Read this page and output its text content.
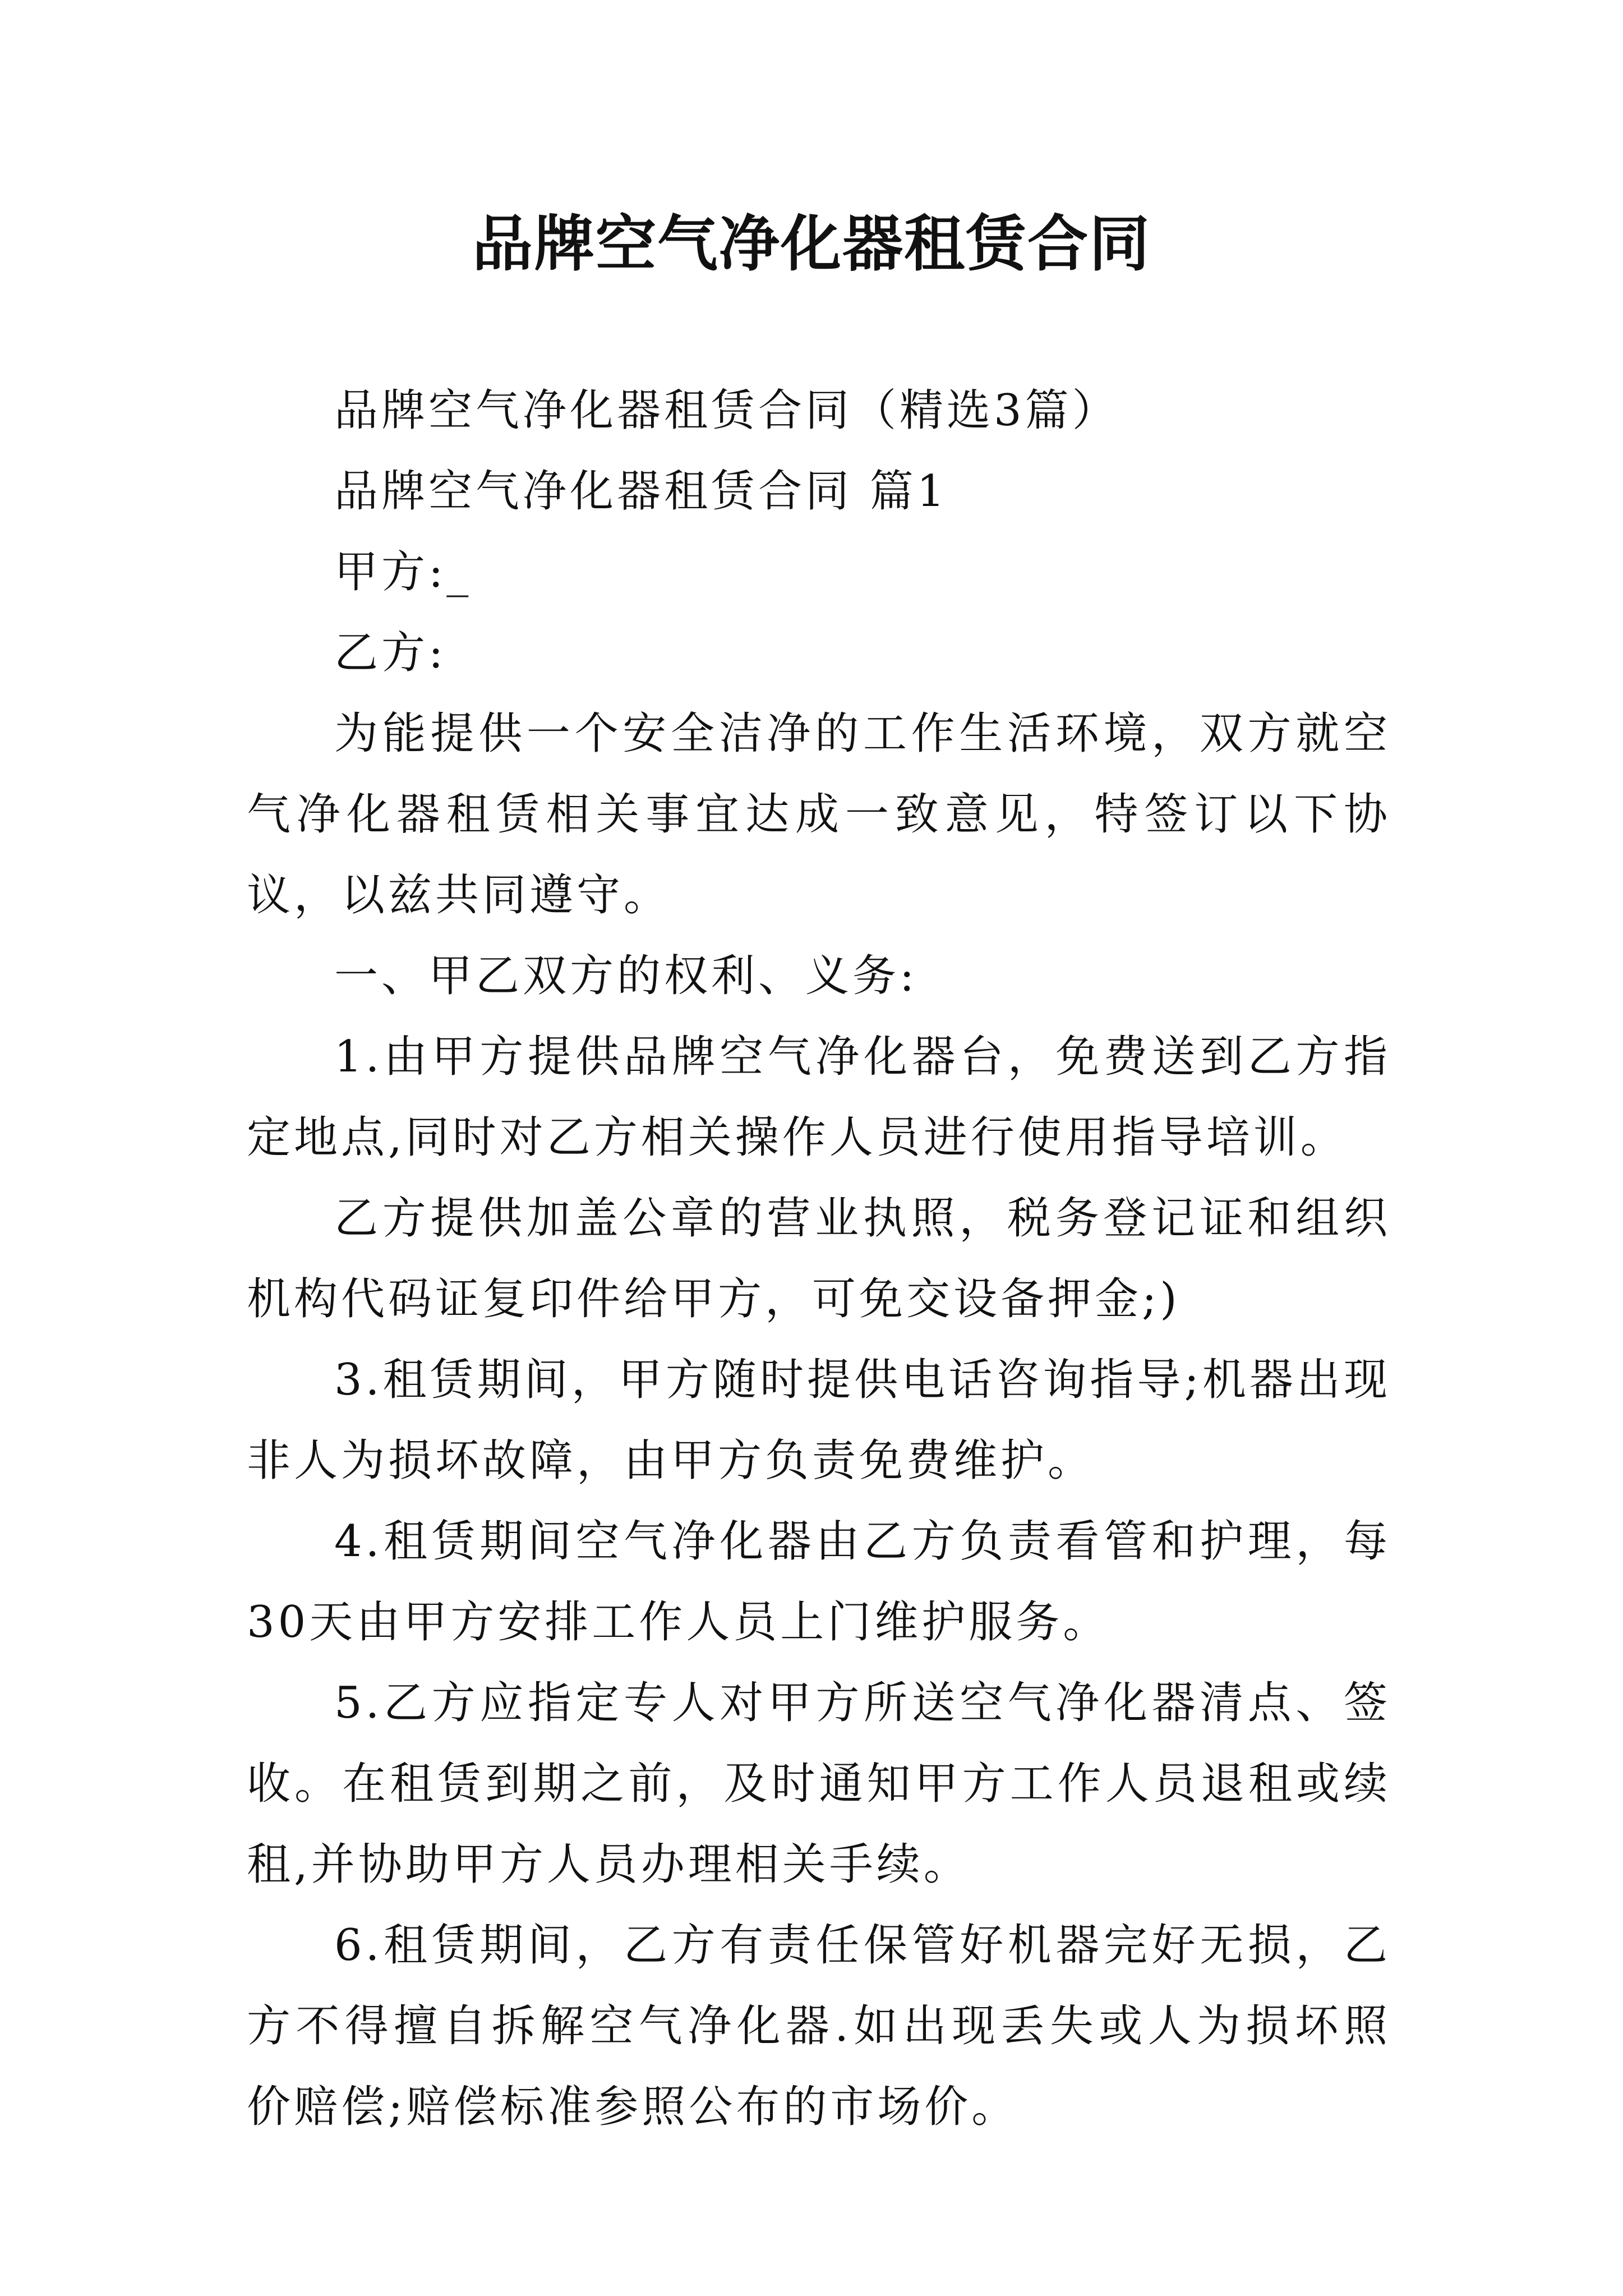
品牌空气净化器租赁合同

品牌空气净化器租赁合同（精选3篇）

品牌空气净化器租赁合同 篇1

甲方:_

乙方:

为能提供一个安全洁净的工作生活环境，双方就空气净化器租赁相关事宜达成一致意见，特签订以下协议，以兹共同遵守。

一、甲乙双方的权利、义务:

1.由甲方提供品牌空气净化器台，免费送到乙方指定地点,同时对乙方相关操作人员进行使用指导培训。

乙方提供加盖公章的营业执照，税务登记证和组织机构代码证复印件给甲方，可免交设备押金;)

3.租赁期间，甲方随时提供电话咨询指导;机器出现非人为损坏故障，由甲方负责免费维护。

4.租赁期间空气净化器由乙方负责看管和护理，每30天由甲方安排工作人员上门维护服务。

5.乙方应指定专人对甲方所送空气净化器清点、签收。在租赁到期之前，及时通知甲方工作人员退租或续租,并协助甲方人员办理相关手续。

6.租赁期间，乙方有责任保管好机器完好无损，乙方不得擅自拆解空气净化器.如出现丢失或人为损坏照价赔偿;赔偿标准参照公布的市场价。
